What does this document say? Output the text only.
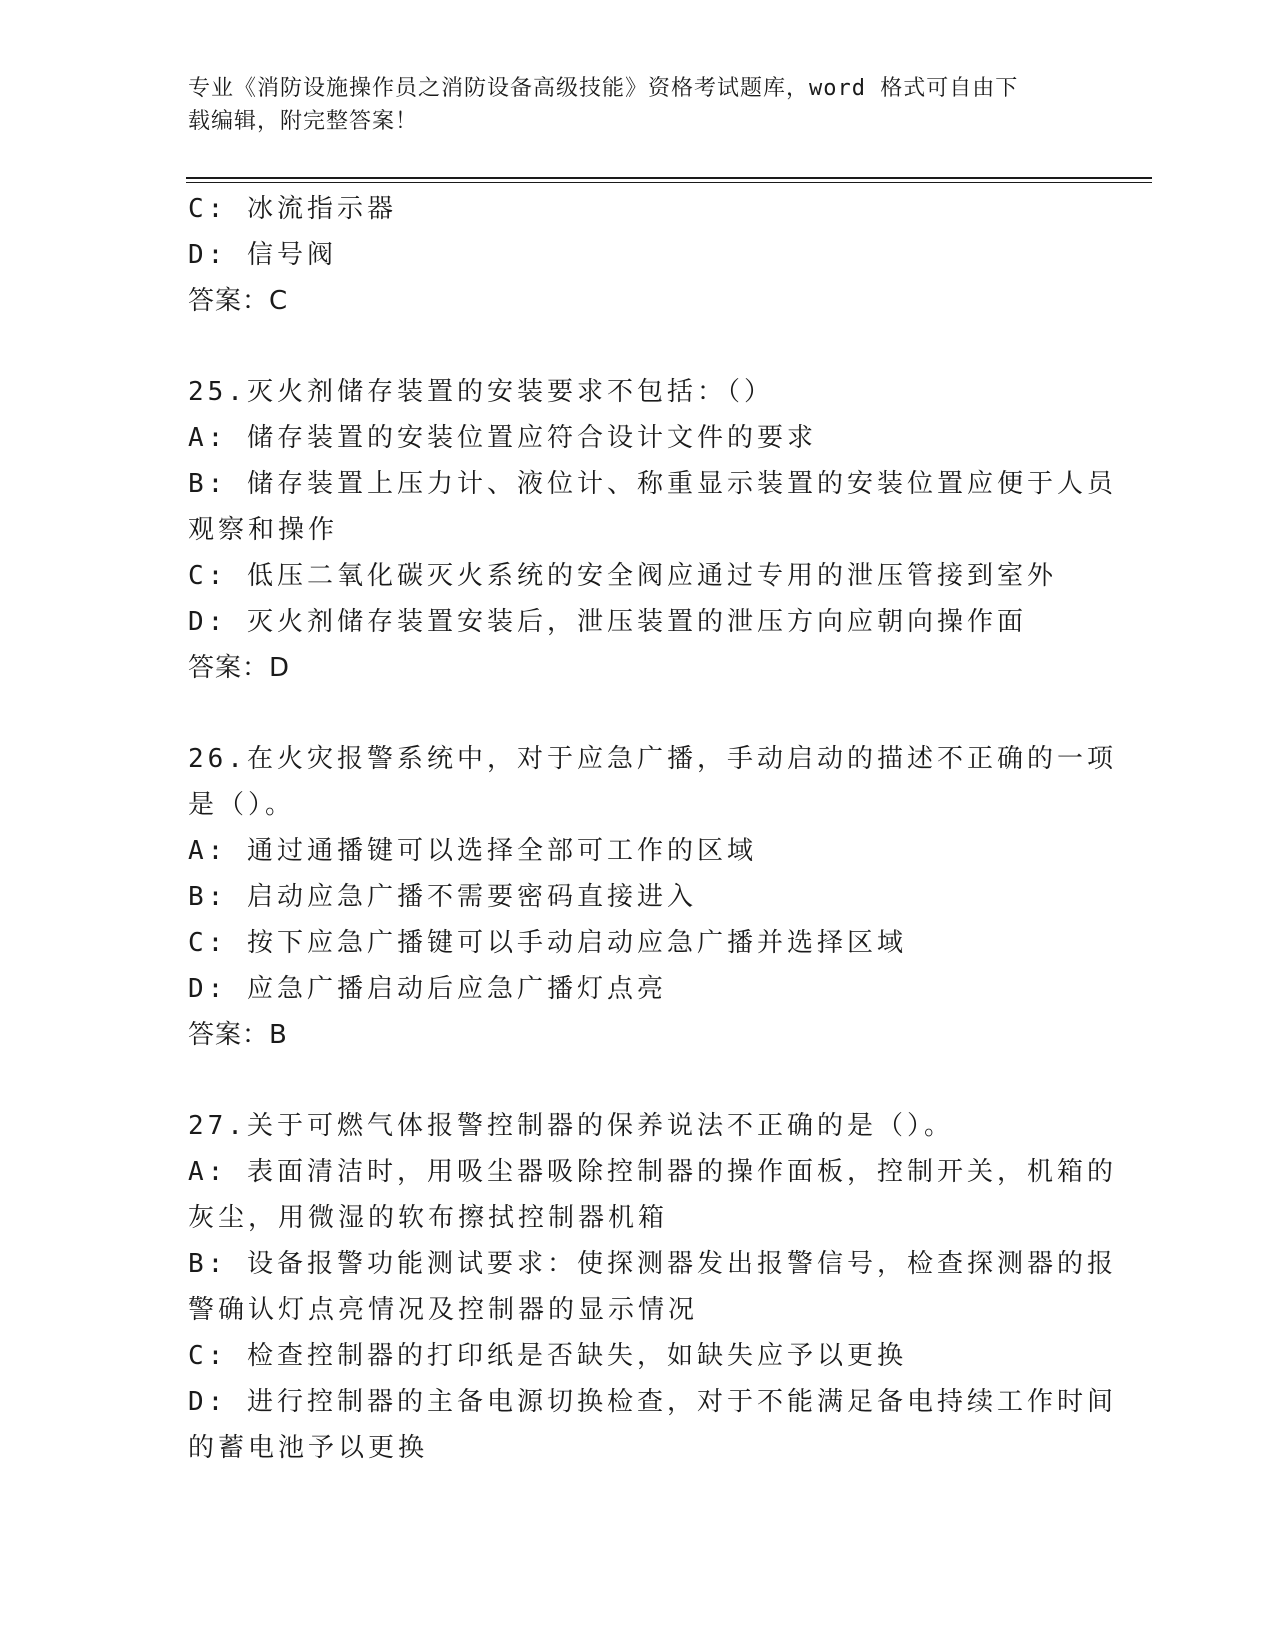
专业《消防设施操作员之消防设备高级技能》资格考试题库，word 格式可自由下
载编辑，附完整答案！
C: 冰流指示器
D: 信号阀
答案：C
25.灭火剂储存装置的安装要求不包括：（）
A: 储存装置的安装位置应符合设计文件的要求
B: 储存装置上压力计、液位计、称重显示装置的安装位置应便于人员
观察和操作
C: 低压二氧化碳灭火系统的安全阀应通过专用的泄压管接到室外
D: 灭火剂储存装置安装后，泄压装置的泄压方向应朝向操作面
答案：D
26.在火灾报警系统中，对于应急广播，手动启动的描述不正确的一项
是（）。
A: 通过通播键可以选择全部可工作的区域
B: 启动应急广播不需要密码直接进入
C: 按下应急广播键可以手动启动应急广播并选择区域
D: 应急广播启动后应急广播灯点亮
答案：B
27.关于可燃气体报警控制器的保养说法不正确的是（）。
A: 表面清洁时，用吸尘器吸除控制器的操作面板，控制开关，机箱的
灰尘，用微湿的软布擦拭控制器机箱
B: 设备报警功能测试要求：使探测器发出报警信号，检查探测器的报
警确认灯点亮情况及控制器的显示情况
C: 检查控制器的打印纸是否缺失，如缺失应予以更换
D: 进行控制器的主备电源切换检查，对于不能满足备电持续工作时间
的蓄电池予以更换
